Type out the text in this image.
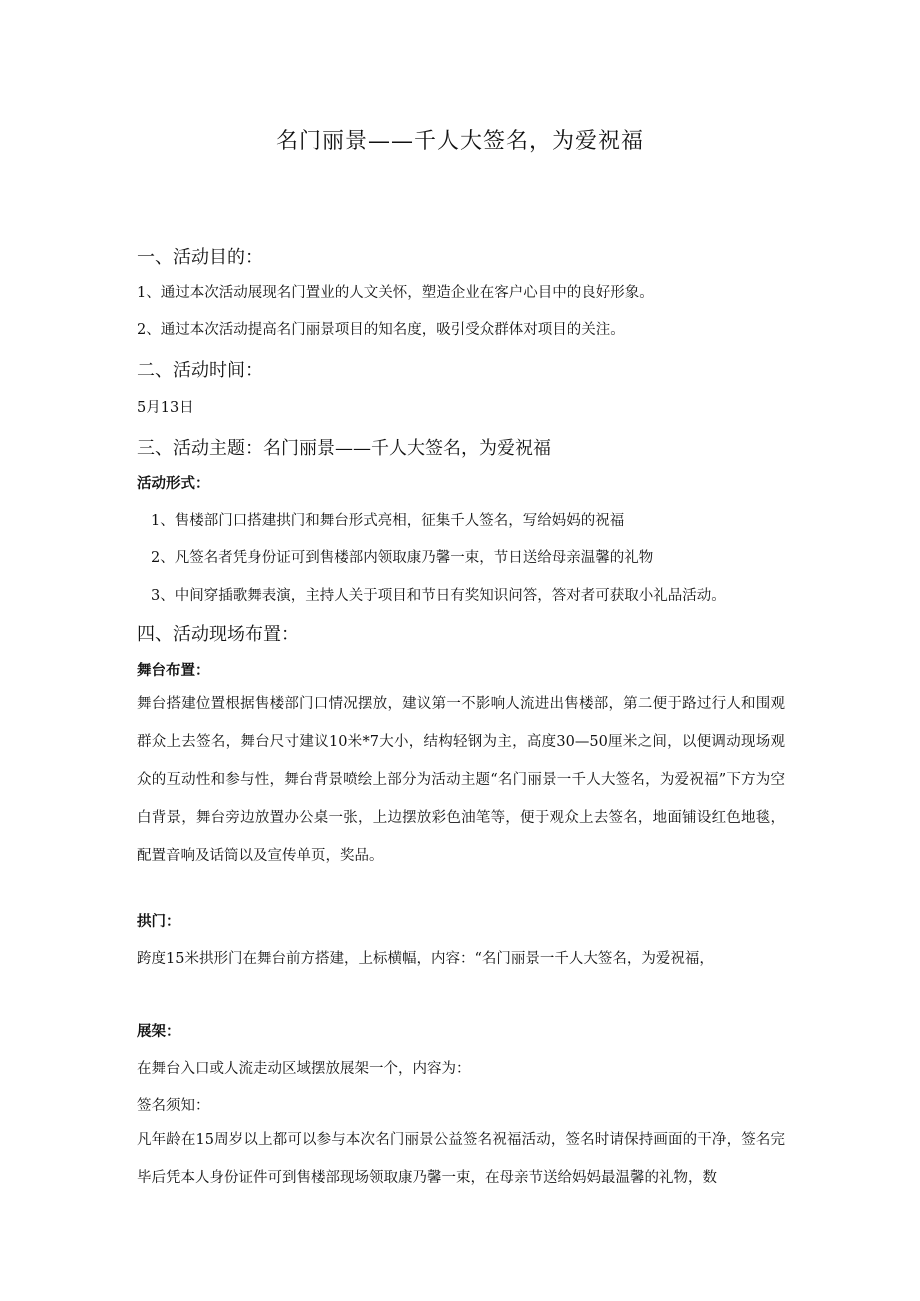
名门丽景——千人大签名，为爱祝福
一、活动目的：
1、通过本次活动展现名门置业的人文关怀，塑造企业在客户心目中的良好形象。
2、通过本次活动提高名门丽景项目的知名度，吸引受众群体对项目的关注。
二、活动时间：
5月13日
三、活动主题：名门丽景——千人大签名，为爱祝福
活动形式：
1、售楼部门口搭建拱门和舞台形式亮相，征集千人签名，写给妈妈的祝福
2、凡签名者凭身份证可到售楼部内领取康乃馨一束，节日送给母亲温馨的礼物
3、中间穿插歌舞表演，主持人关于项目和节日有奖知识问答，答对者可获取小礼品活动。
四、活动现场布置：
舞台布置：
舞台搭建位置根据售楼部门口情况摆放，建议第一不影响人流进出售楼部，第二便于路过行人和围观群众上去签名，舞台尺寸建议10米*7大小，结构轻钢为主，高度30—50厘米之间，以便调动现场观众的互动性和参与性，舞台背景喷绘上部分为活动主题“名门丽景一千人大签名，为爱祝福”下方为空白背景，舞台旁边放置办公桌一张，上边摆放彩色油笔等，便于观众上去签名，地面铺设红色地毯，配置音响及话筒以及宣传单页，奖品。
拱门：
跨度15米拱形门在舞台前方搭建，上标横幅，内容：“名门丽景一千人大签名，为爱祝福，
展架：
在舞台入口或人流走动区域摆放展架一个，内容为：
签名须知：
凡年龄在15周岁以上都可以参与本次名门丽景公益签名祝福活动，签名时请保持画面的干净，签名完毕后凭本人身份证件可到售楼部现场领取康乃馨一束，在母亲节送给妈妈最温馨的礼物，数
